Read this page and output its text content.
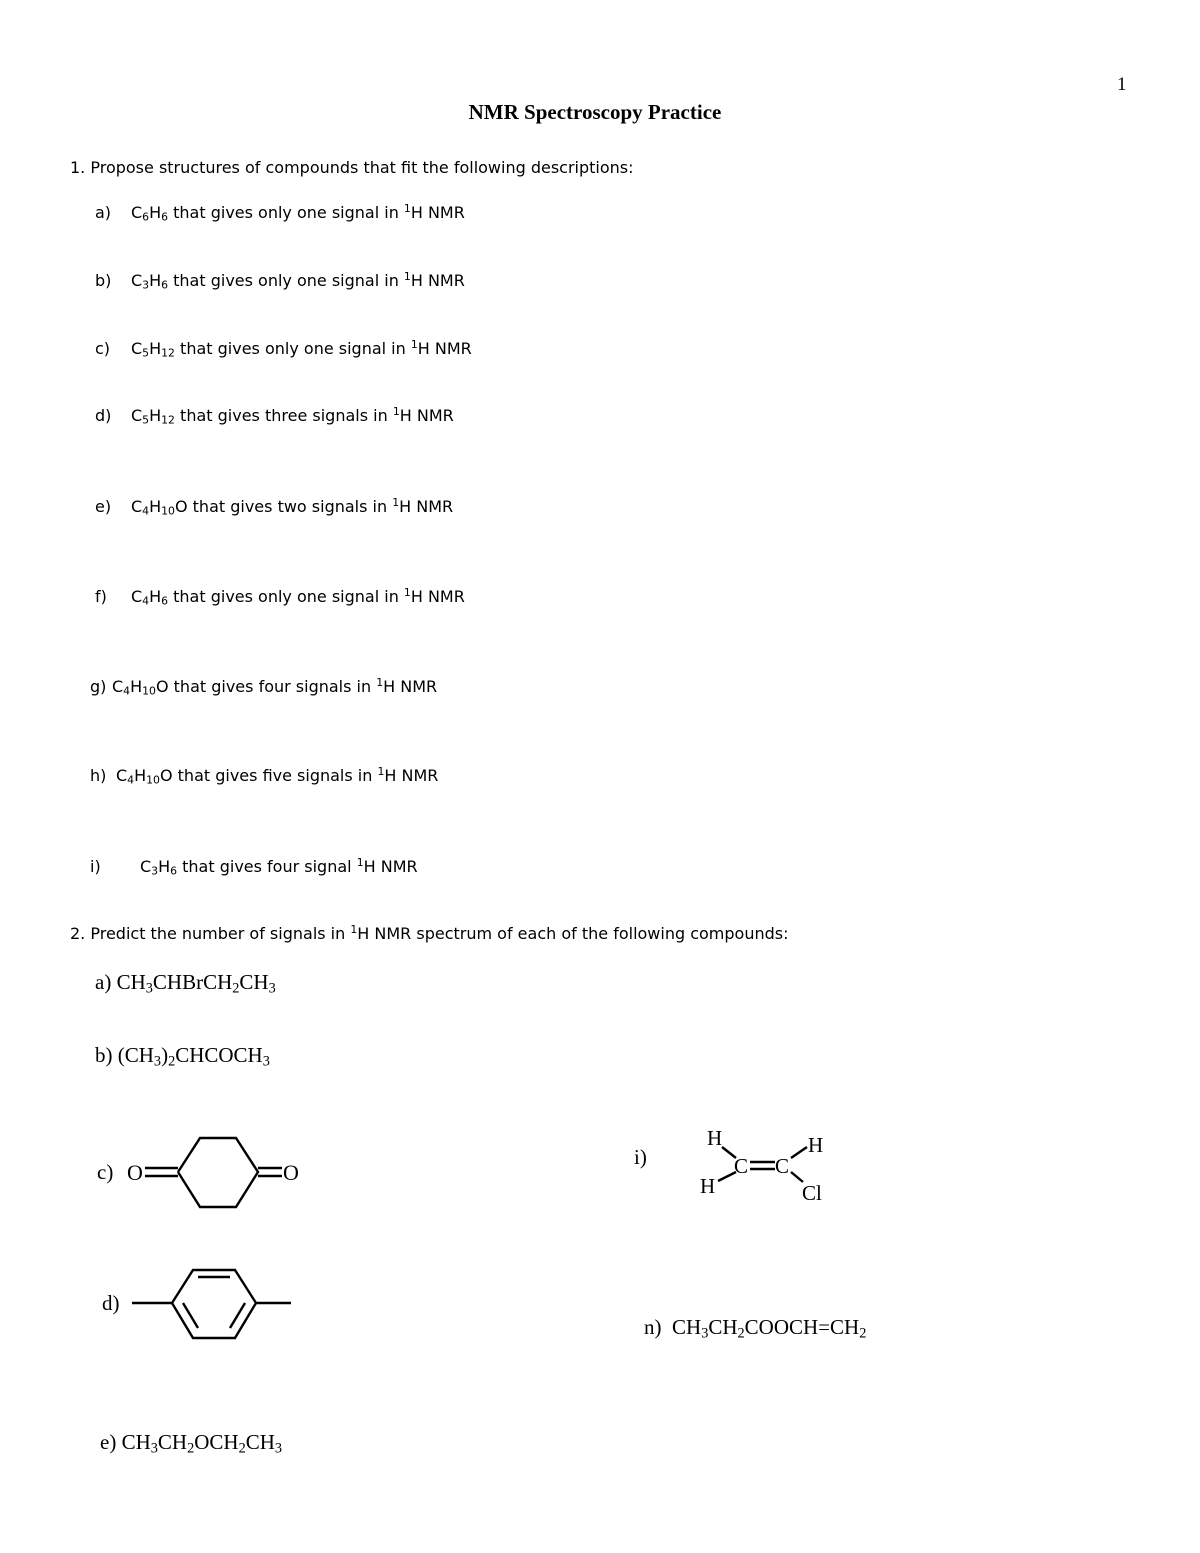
1
NMR Spectroscopy Practice
1. Propose structures of compounds that fit the following descriptions:
a) $C_6H_6$ that gives only one signal in $^1$H NMR
b) $C_3H_6$ that gives only one signal in $^1$H NMR
c) $C_5H_{12}$ that gives only one signal in $^1$H NMR
d) $C_5H_{12}$ that gives three signals in $^1$H NMR
e) $C_4H_{10}O$ that gives two signals in $^1$H NMR
f) $C_4H_6$ that gives only one signal in $^1$H NMR
g) $C_4H_{10}O$ that gives four signals in $^1$H NMR
h) $C_4H_{10}O$ that gives five signals in $^1$H NMR
i) $C_3H_6$ that gives four signal $^1$H NMR
2. Predict the number of signals in $^1$H NMR spectrum of each of the following compounds:
a) $CH_3CHBrCH_2CH_3$
b) $(CH_3)_2CHCOCH_3$
c) O	O
d)
e) $CH_3CH_2OCH_2CH_3$
i)
H
H
C C
H
Cl
n) $CH_3CH_2COOCH=CH_2$
